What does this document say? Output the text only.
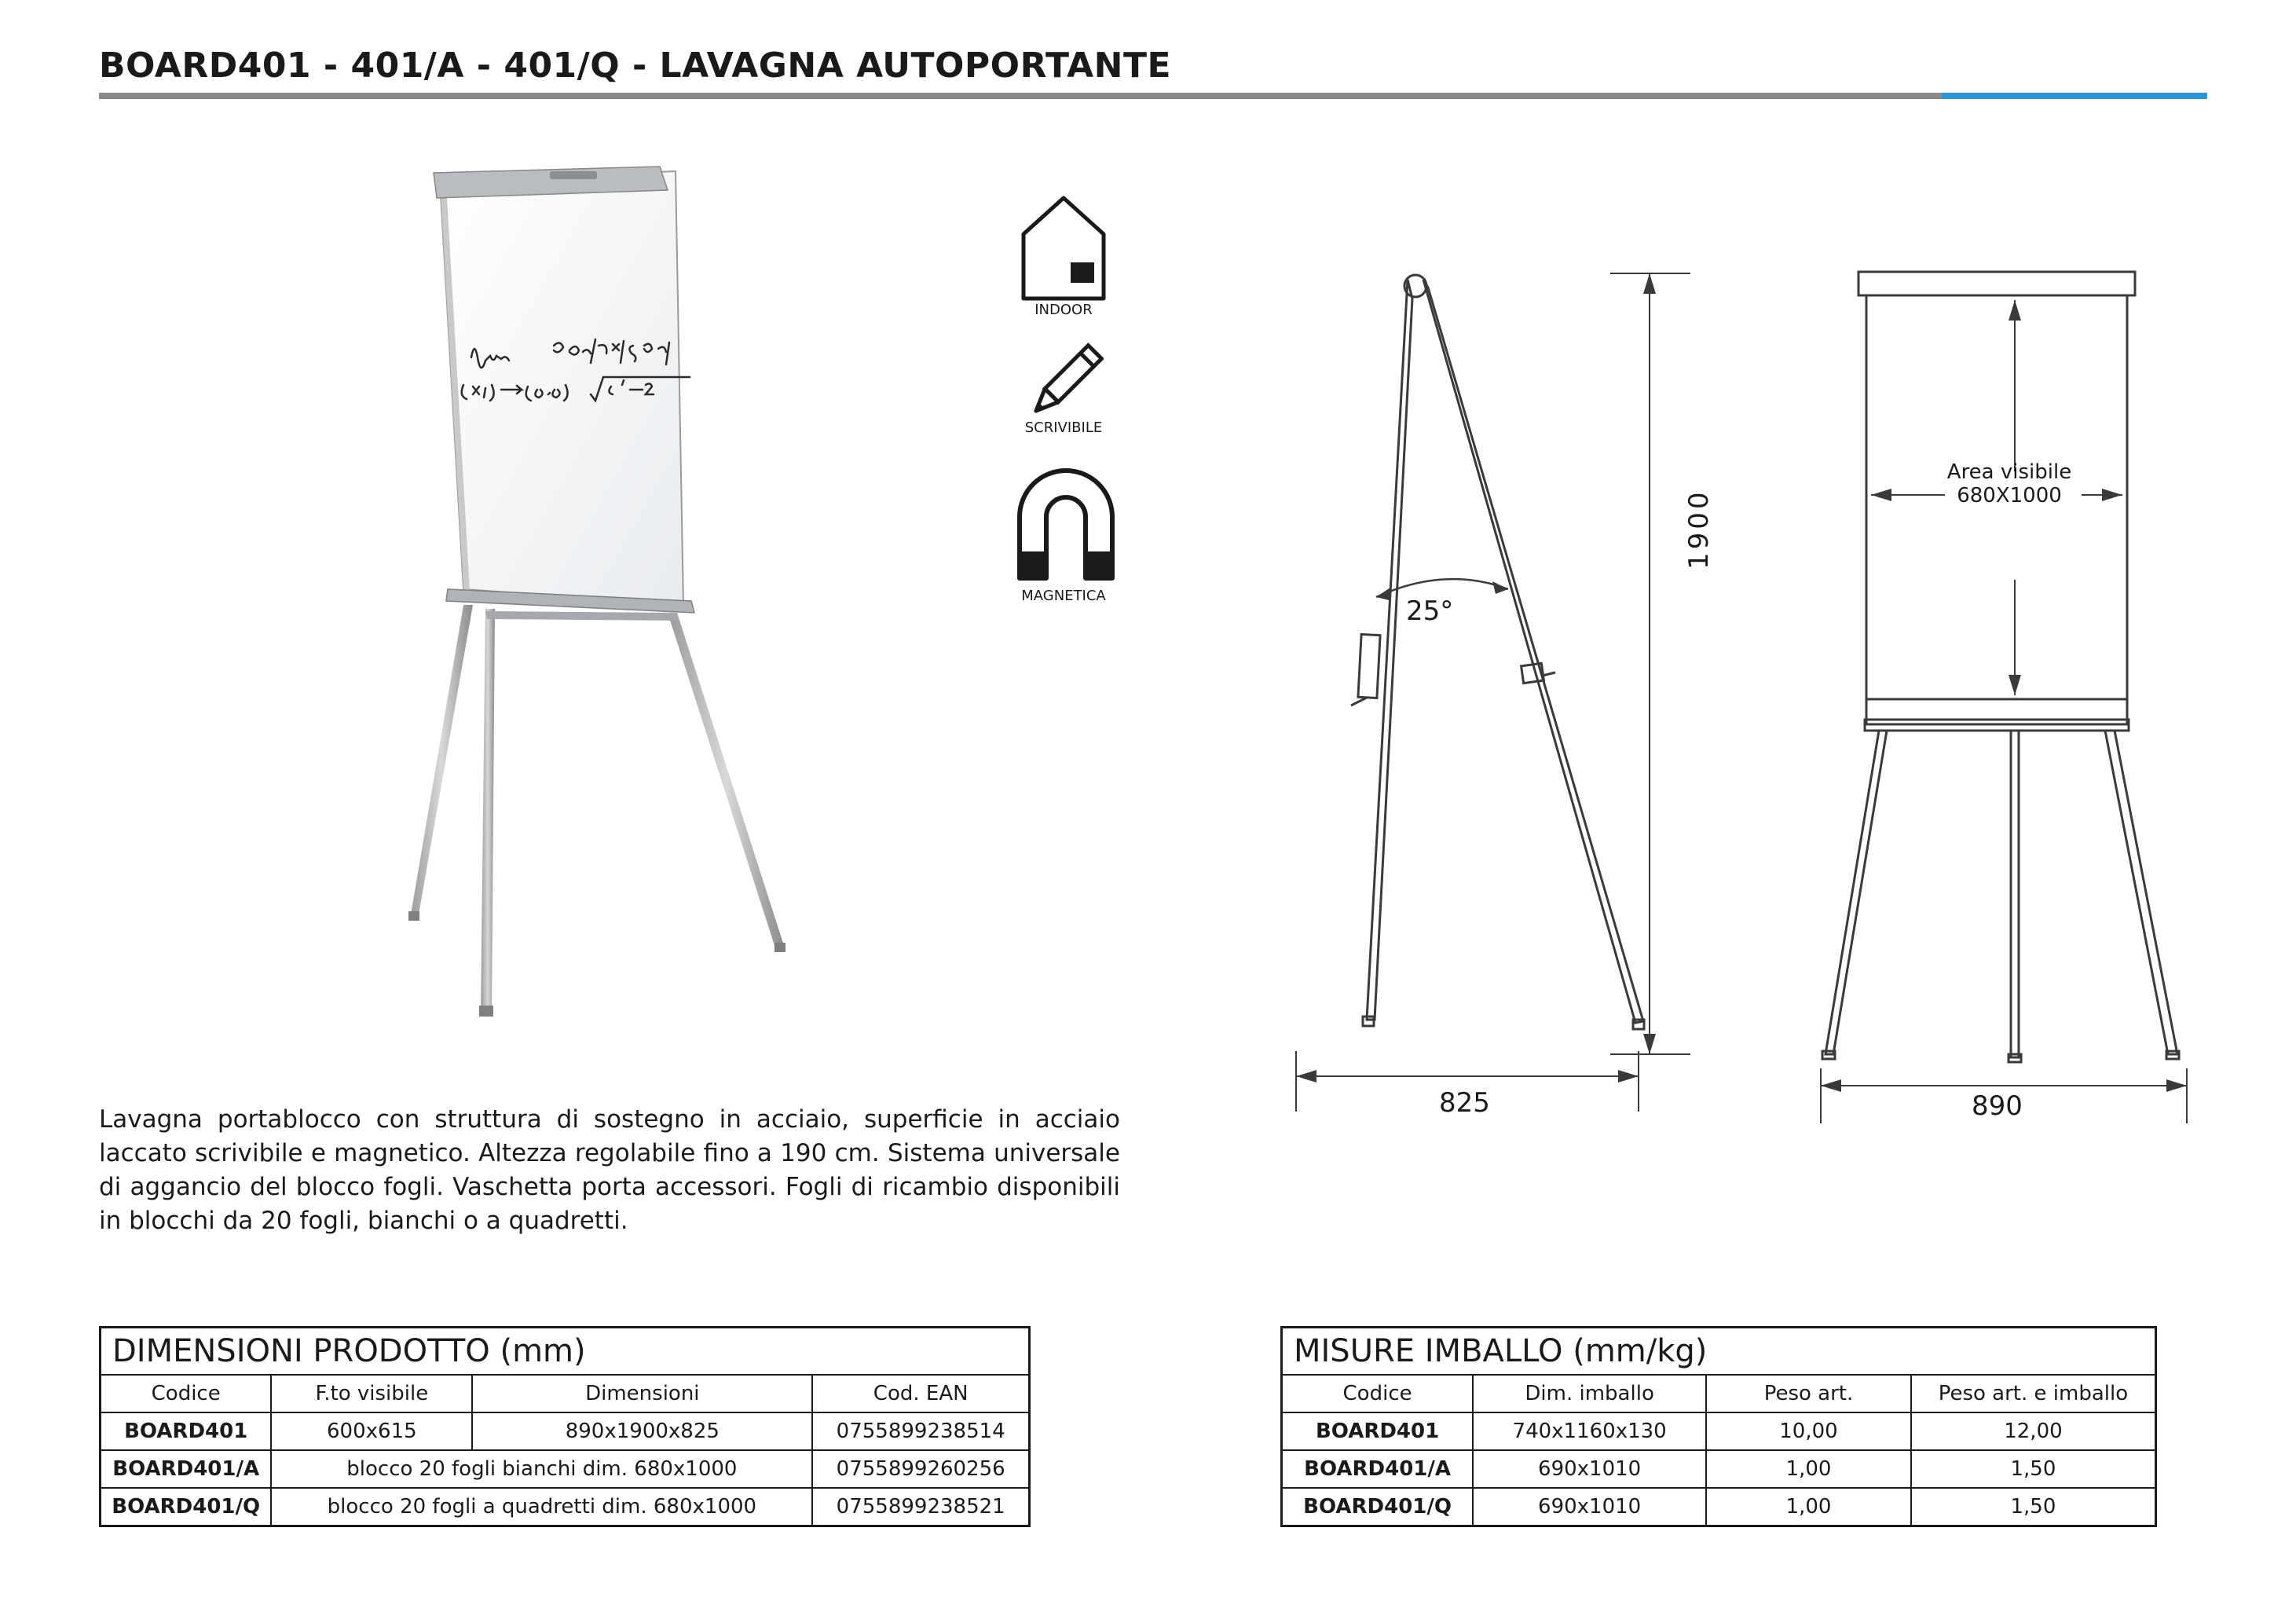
BOARD401 - 401/A - 401/Q - LAVAGNA AUTOPORTANTE
INDOOR
SCRIVIBILE
MAGNETICA	25°
825
1900
Area visibile
680X1000
890
Lavagna portablocco con struttura di sostegno in acciaio, superficie in acciaio laccato scrivibile e magnetico. Altezza regolabile fino a 190 cm. Sistema universale di aggancio del blocco fogli. Vaschetta porta accessori. Fogli di ricambio disponibili in blocchi da 20 fogli, bianchi o a quadretti.
DIMENSIONI PRODOTTO (mm)			
Codice	F.to visibile	Dimensioni	Cod. EAN
BOARD401	600x615	890x1900x825	0755899238514
BOARD401/A	blocco 20 fogli bianchi dim. 680x1000		0755899260256
BOARD401/Q	blocco 20 fogli a quadretti dim. 680x1000		0755899238521
MISURE IMBALLO (mm/kg)			
Codice	Dim. imballo	Peso art.	Peso art. e imballo
BOARD401	740x1160x130	10,00	12,00
BOARD401/A	690x1010	1,00	1,50
BOARD401/Q	690x1010	1,00	1,50
